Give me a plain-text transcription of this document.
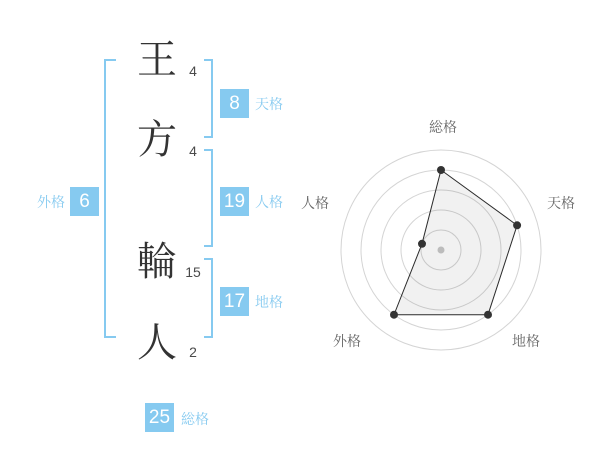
王
方
輪
人
4
4
15
2
8	天格
19 人格
17 地格
6
外格
25 総格
総格
天格
地格
外格
人格
